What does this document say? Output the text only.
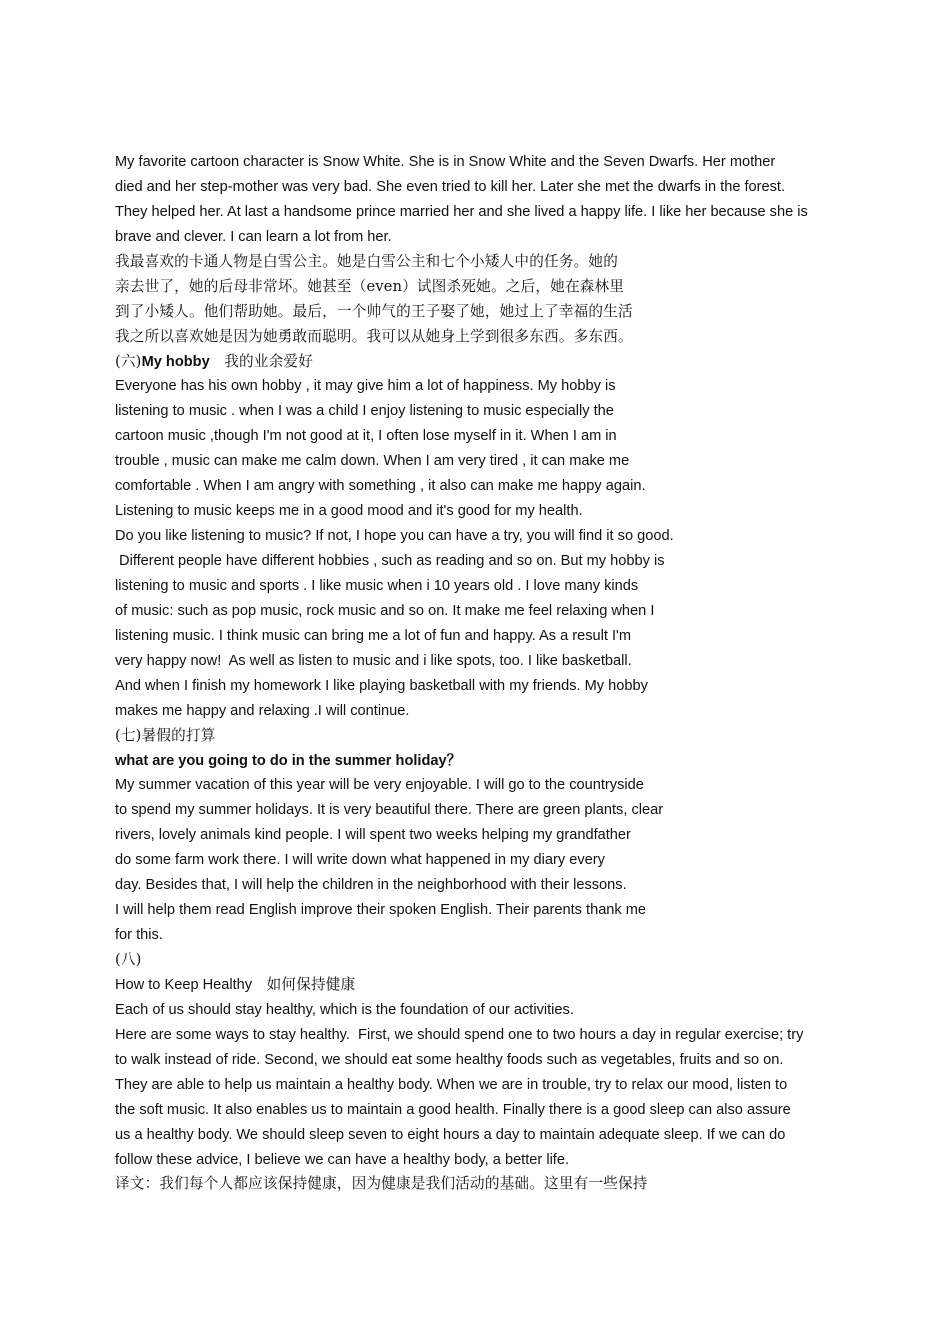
My favorite cartoon character is Snow White. She is in Snow White and the Seven Dwarfs. Her mother
died and her step-mother was very bad. She even tried to kill her. Later she met the dwarfs in the forest.
They helped her. At last a handsome prince married her and she lived a happy life. I like her because she is
brave and clever. I can learn a lot from her.
我最喜欢的卡通人物是白雪公主。她是白雪公主和七个小矮人中的任务。她的
亲去世了，她的后母非常坏。她甚至（even）试图杀死她。之后，她在森林里
到了小矮人。他们帮助她。最后，一个帅气的王子娶了她，她过上了幸福的生活
我之所以喜欢她是因为她勇敢而聪明。我可以从她身上学到很多东西。多东西。
(六)My hobby   我的业余爱好
Everyone has his own hobby , it may give him a lot of happiness. My hobby is
listening to music . when I was a child I enjoy listening to music especially the
cartoon music ,though I'm not good at it, I often lose myself in it. When I am in
trouble , music can make me calm down. When I am very tired , it can make me
comfortable . When I am angry with something , it also can make me happy again.
Listening to music keeps me in a good mood and it's good for my health.
Do you like listening to music? If not, I hope you can have a try, you will find it so good.
Different people have different hobbies , such as reading and so on. But my hobby is
listening to music and sports . I like music when i 10 years old . I love many kinds
of music: such as pop music, rock music and so on. It make me feel relaxing when I
listening music. I think music can bring me a lot of fun and happy. As a result I'm
very happy now!  As well as listen to music and i like spots, too. I like basketball.
And when I finish my homework I like playing basketball with my friends. My hobby
makes me happy and relaxing .I will continue.
(七)暑假的打算
what are you going to do in the summer holiday？
My summer vacation of this year will be very enjoyable. I will go to the countryside
to spend my summer holidays. It is very beautiful there. There are green plants, clear
rivers, lovely animals kind people. I will spent two weeks helping my grandfather
do some farm work there. I will write down what happened in my diary every
day. Besides that, I will help the children in the neighborhood with their lessons.
I will help them read English improve their spoken English. Their parents thank me
for this.
(八)
How to Keep Healthy   如何保持健康
Each of us should stay healthy, which is the foundation of our activities.
Here are some ways to stay healthy.  First, we should spend one to two hours a day in regular exercise; try
to walk instead of ride. Second, we should eat some healthy foods such as vegetables, fruits and so on.
They are able to help us maintain a healthy body. When we are in trouble, try to relax our mood, listen to
the soft music. It also enables us to maintain a good health. Finally there is a good sleep can also assure
us a healthy body. We should sleep seven to eight hours a day to maintain adequate sleep. If we can do
follow these advice, I believe we can have a healthy body, a better life.
译文：我们每个人都应该保持健康，因为健康是我们活动的基础。这里有一些保持
